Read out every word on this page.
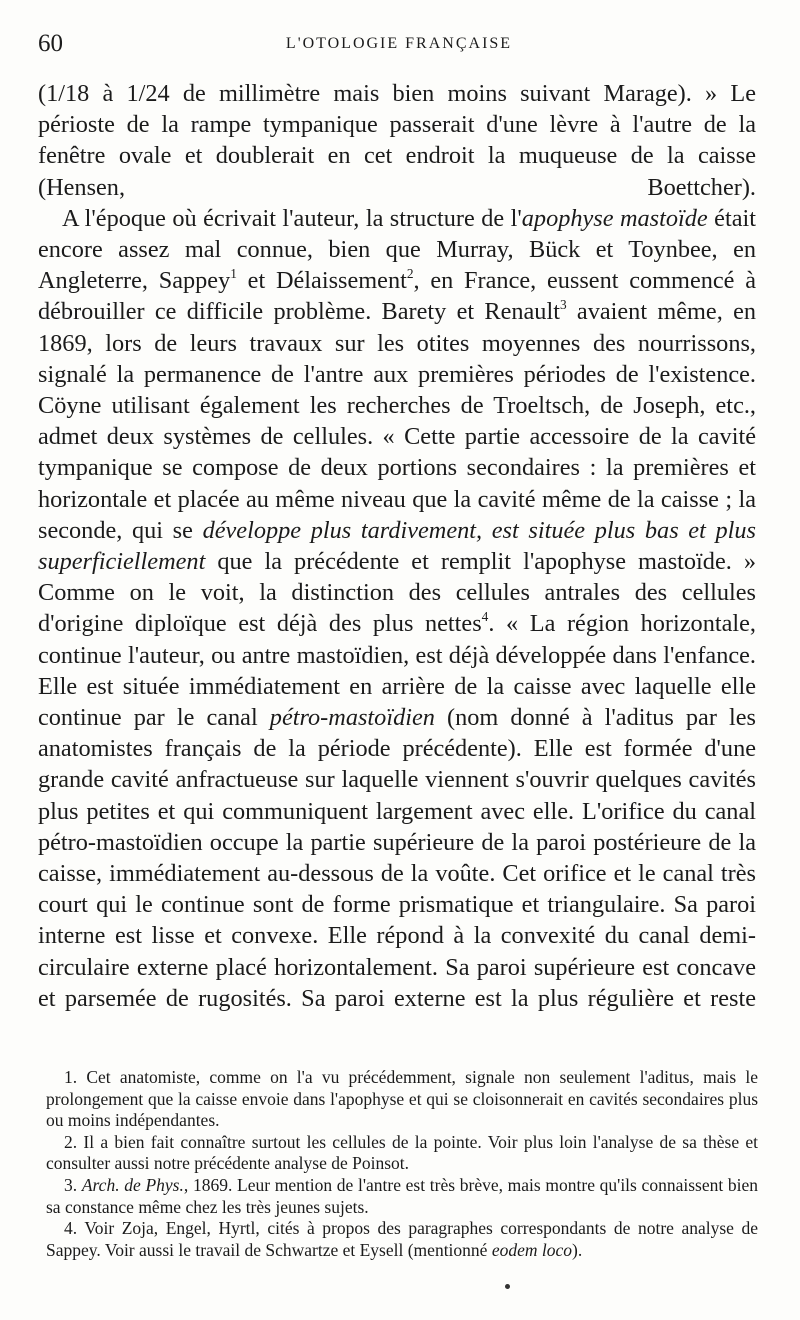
60	L'OTOLOGIE FRANÇAISE

(1/18 à 1/24 de millimètre mais bien moins suivant Marage). » Le périoste de la rampe tympanique passerait d'une lèvre à l'autre de la fenêtre ovale et doublerait en cet endroit la muqueuse de la caisse (Hensen, Boettcher).

A l'époque où écrivait l'auteur, la structure de l'apophyse mastoïde était encore assez mal connue, bien que Murray, Bück et Toynbee, en Angleterre, Sappey$^1$ et Délaissement$^2$, en France, eussent commencé à débrouiller ce difficile problème. Barety et Renault$^3$ avaient même, en 1869, lors de leurs travaux sur les otites moyennes des nourrissons, signalé la permanence de l'antre aux premières périodes de l'existence. Cöyne utilisant également les recherches de Troeltsch, de Joseph, etc., admet deux systèmes de cellules. « Cette partie accessoire de la cavité tympanique se compose de deux portions secondaires : la premières et horizontale et placée au même niveau que la cavité même de la caisse ; la seconde, qui se développe plus tardivement, est située plus bas et plus superficiellement que la précédente et remplit l'apophyse mastoïde. » Comme on le voit, la distinction des cellules antrales des cellules d'origine diploïque est déjà des plus nettes$^4$. « La région horizontale, continue l'auteur, ou antre mastoïdien, est déjà développée dans l'enfance. Elle est située immédiatement en arrière de la caisse avec laquelle elle continue par le canal pétro-mastoïdien (nom donné à l'aditus par les anatomistes français de la période précédente). Elle est formée d'une grande cavité anfractueuse sur laquelle viennent s'ouvrir quelques cavités plus petites et qui communiquent largement avec elle. L'orifice du canal pétro-mastoïdien occupe la partie supérieure de la paroi postérieure de la caisse, immédiatement au-dessous de la voûte. Cet orifice et le canal très court qui le continue sont de forme prismatique et triangulaire. Sa paroi interne est lisse et convexe. Elle répond à la convexité du canal demi-circulaire externe placé horizontalement. Sa paroi supérieure est concave et parsemée de rugosités. Sa paroi externe est la plus régulière et reste

1. Cet anatomiste, comme on l'a vu précédemment, signale non seulement l'aditus, mais le prolongement que la caisse envoie dans l'apophyse et qui se cloisonnerait en cavités secondaires plus ou moins indépendantes.

2. Il a bien fait connaître surtout les cellules de la pointe. Voir plus loin l'analyse de sa thèse et consulter aussi notre précédente analyse de Poinsot.

3. Arch. de Phys., 1869. Leur mention de l'antre est très brève, mais montre qu'ils connaissent bien sa constance même chez les très jeunes sujets.

4. Voir Zoja, Engel, Hyrtl, cités à propos des paragraphes correspondants de notre analyse de Sappey. Voir aussi le travail de Schwartze et Eysell (mentionné eodem loco).
